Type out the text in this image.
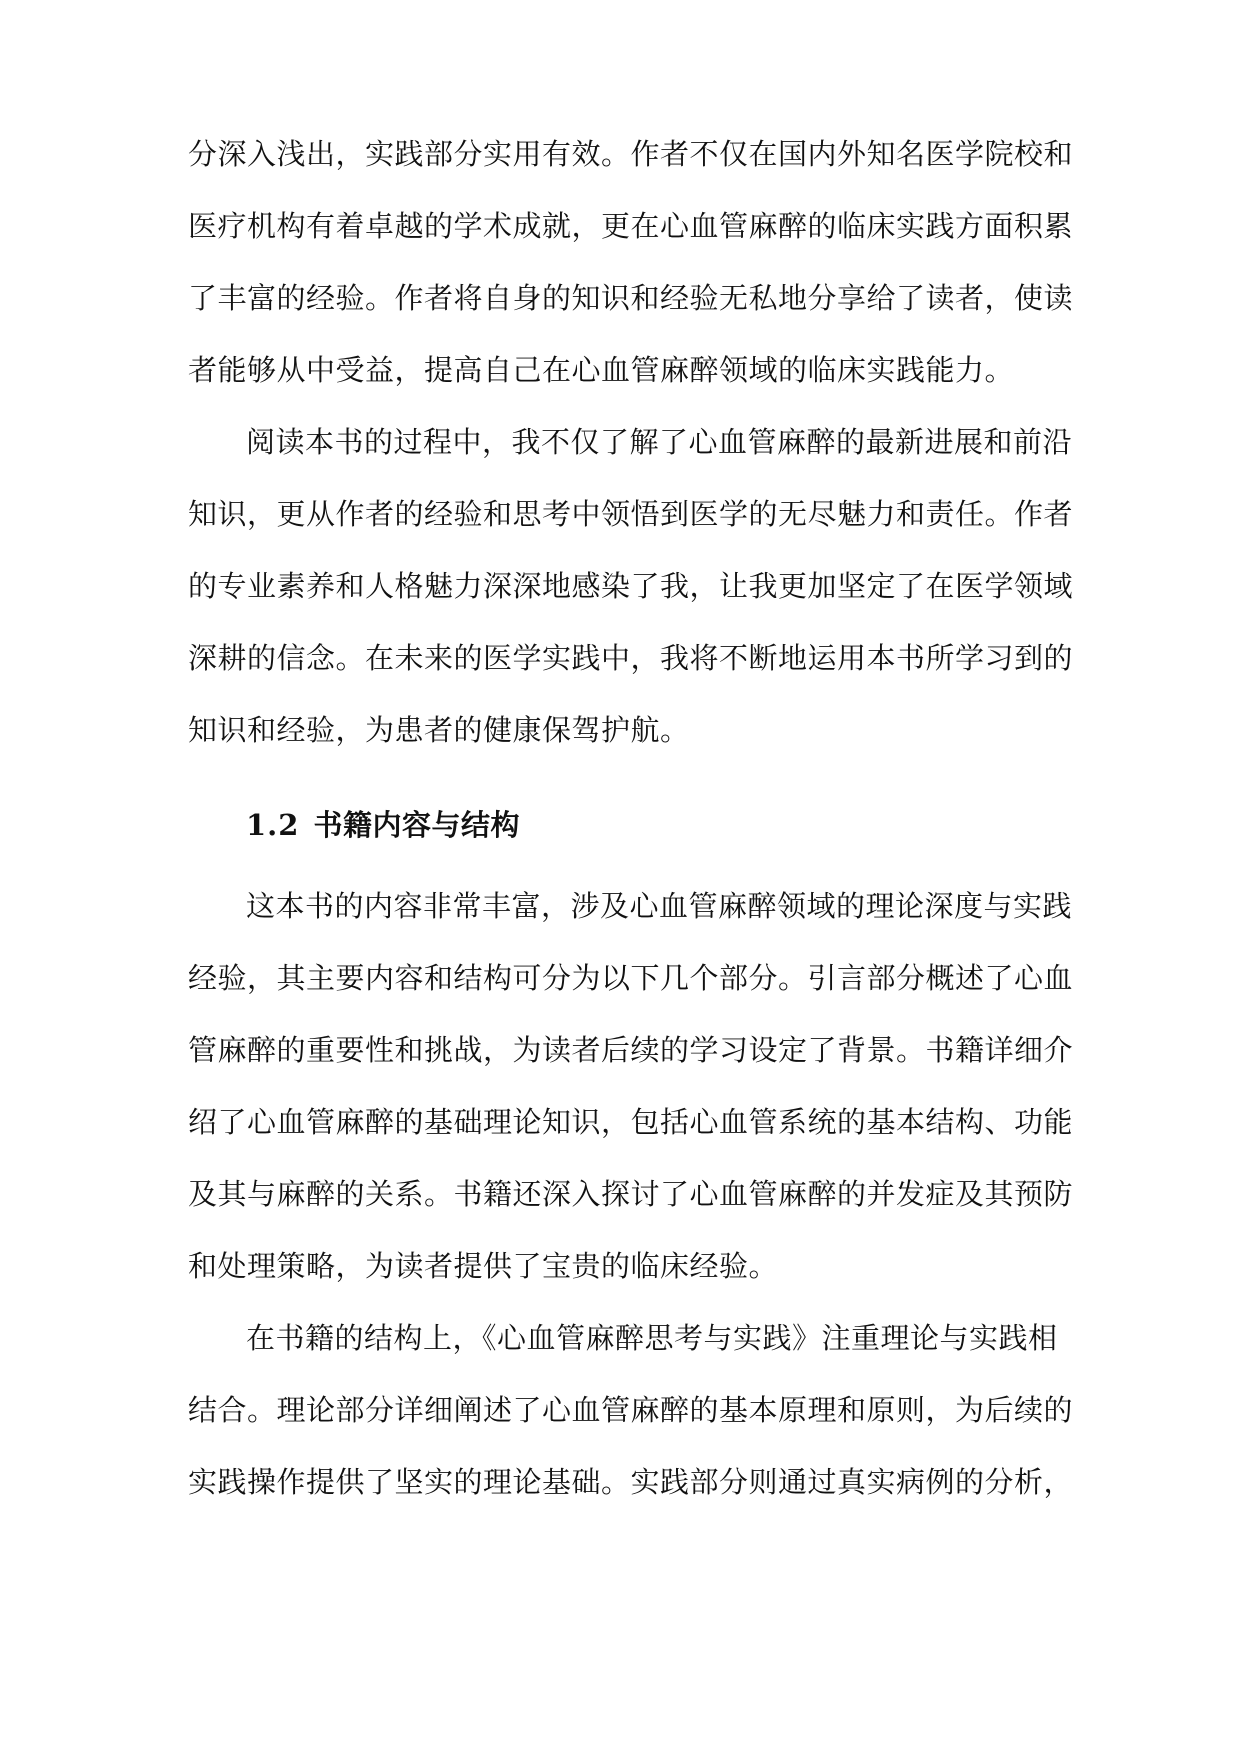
分深入浅出，实践部分实用有效。作者不仅在国内外知名医学院校和
医疗机构有着卓越的学术成就，更在心血管麻醉的临床实践方面积累
了丰富的经验。作者将自身的知识和经验无私地分享给了读者，使读
者能够从中受益，提高自己在心血管麻醉领域的临床实践能力。
阅读本书的过程中，我不仅了解了心血管麻醉的最新进展和前沿
知识，更从作者的经验和思考中领悟到医学的无尽魅力和责任。作者
的专业素养和人格魅力深深地感染了我，让我更加坚定了在医学领域
深耕的信念。在未来的医学实践中，我将不断地运用本书所学习到的
知识和经验，为患者的健康保驾护航。
1.2 书籍内容与结构
这本书的内容非常丰富，涉及心血管麻醉领域的理论深度与实践
经验，其主要内容和结构可分为以下几个部分。引言部分概述了心血
管麻醉的重要性和挑战，为读者后续的学习设定了背景。书籍详细介
绍了心血管麻醉的基础理论知识，包括心血管系统的基本结构、功能
及其与麻醉的关系。书籍还深入探讨了心血管麻醉的并发症及其预防
和处理策略，为读者提供了宝贵的临床经验。
在书籍的结构上，《心血管麻醉思考与实践》注重理论与实践相
结合。理论部分详细阐述了心血管麻醉的基本原理和原则，为后续的
实践操作提供了坚实的理论基础。实践部分则通过真实病例的分析，
